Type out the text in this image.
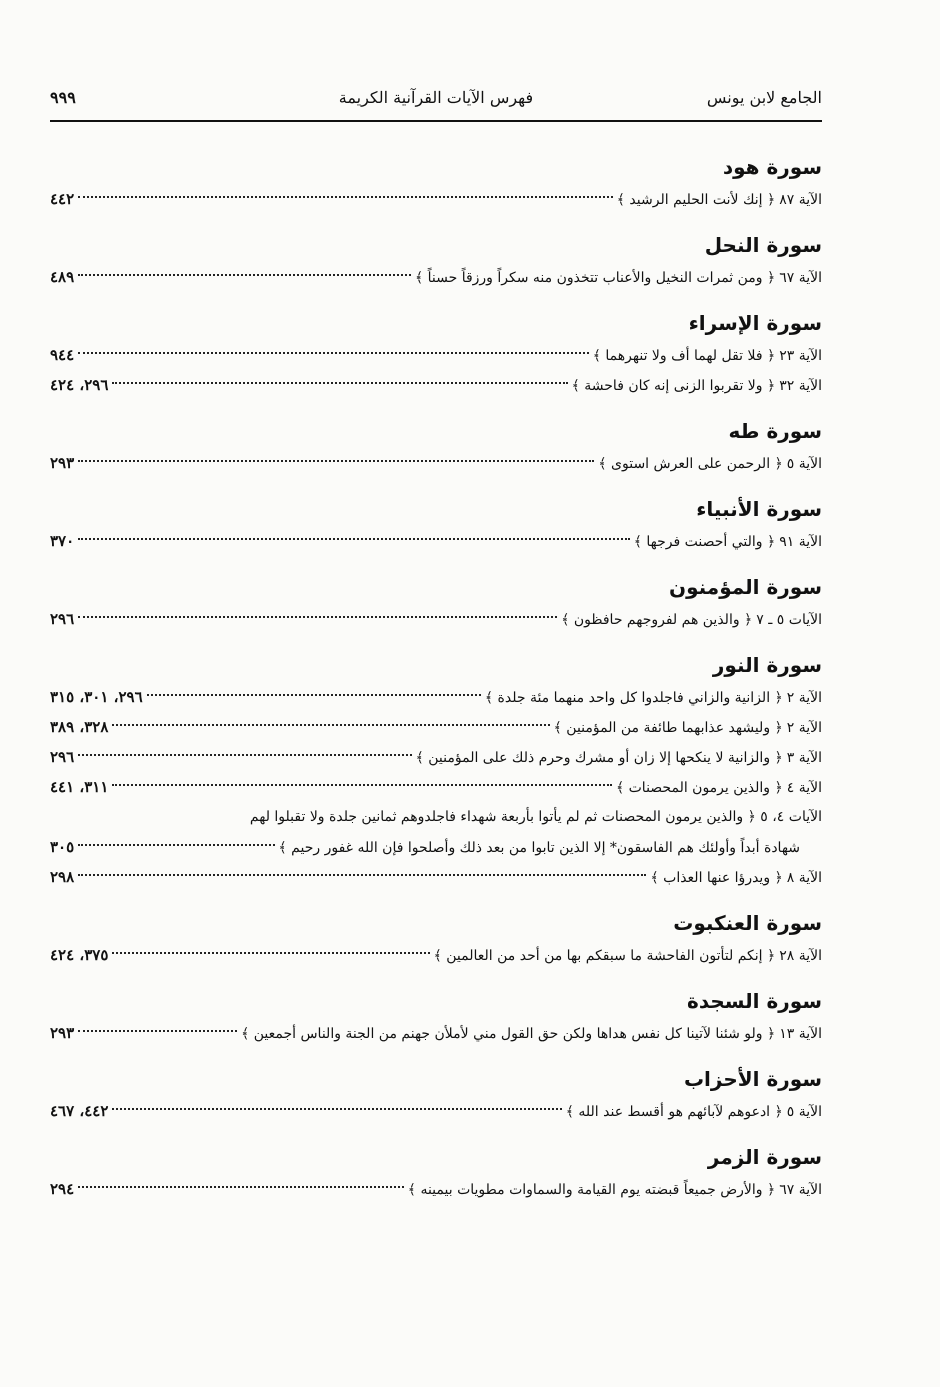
الجامع لابن يونس
فهرس الآيات القرآنية الكريمة
٩٩٩
سورة هود
الآية ٨٧
﴿ إنك لأنت الحليم الرشيد ﴾
٤٤٢
سورة النحل
الآية ٦٧
﴿ ومن ثمرات النخيل والأعناب تتخذون منه سكراً ورزقاً حسناً ﴾
٤٨٩
سورة الإسراء
الآية ٢٣
﴿ فلا تقل لهما أف ولا تنهرهما ﴾
٩٤٤
الآية ٣٢
﴿ ولا تقربوا الزنى إنه كان فاحشة ﴾
٢٩٦، ٤٢٤
سورة طه
الآية ٥
﴿ الرحمن على العرش استوى ﴾
٢٩٣
سورة الأنبياء
الآية ٩١
﴿ والتي أحصنت فرجها ﴾
٣٧٠
سورة المؤمنون
الآيات ٥ ـ ٧
﴿ والذين هم لفروجهم حافظون ﴾
٢٩٦
سورة النور
الآية ٢
﴿ الزانية والزاني فاجلدوا كل واحد منهما مئة جلدة ﴾
٢٩٦، ٣٠١، ٣١٥
الآية ٢
﴿ وليشهد عذابهما طائفة من المؤمنين ﴾
٣٢٨، ٣٨٩
الآية ٣
﴿ والزانية لا ينكحها إلا زان أو مشرك وحرم ذلك على المؤمنين ﴾
٢٩٦
الآية ٤
﴿ والذين يرمون المحصنات ﴾
٣١١، ٤٤١
الآيات ٤، ٥ ﴿ والذين يرمون المحصنات ثم لم يأتوا بأربعة شهداء فاجلدوهم ثمانين جلدة ولا تقبلوا لهم
شهادة أبداً وأولئك هم الفاسقون* إلا الذين تابوا من بعد ذلك وأصلحوا فإن الله غفور رحيم ﴾
٣٠٥
الآية ٨
﴿ ويدرؤا عنها العذاب ﴾
٢٩٨
سورة العنكبوت
الآية ٢٨
﴿ إنكم لتأتون الفاحشة ما سبقكم بها من أحد من العالمين ﴾
٣٧٥، ٤٢٤
سورة السجدة
الآية ١٣
﴿ ولو شئنا لآتينا كل نفس هداها ولكن حق القول مني لأملأن جهنم من الجنة والناس أجمعين ﴾
٢٩٣
سورة الأحزاب
الآية ٥
﴿ ادعوهم لآبائهم هو أقسط عند الله ﴾
٤٤٢، ٤٦٧
سورة الزمر
الآية ٦٧
﴿ والأرض جميعاً قبضته يوم القيامة والسماوات مطويات بيمينه ﴾
٢٩٤
